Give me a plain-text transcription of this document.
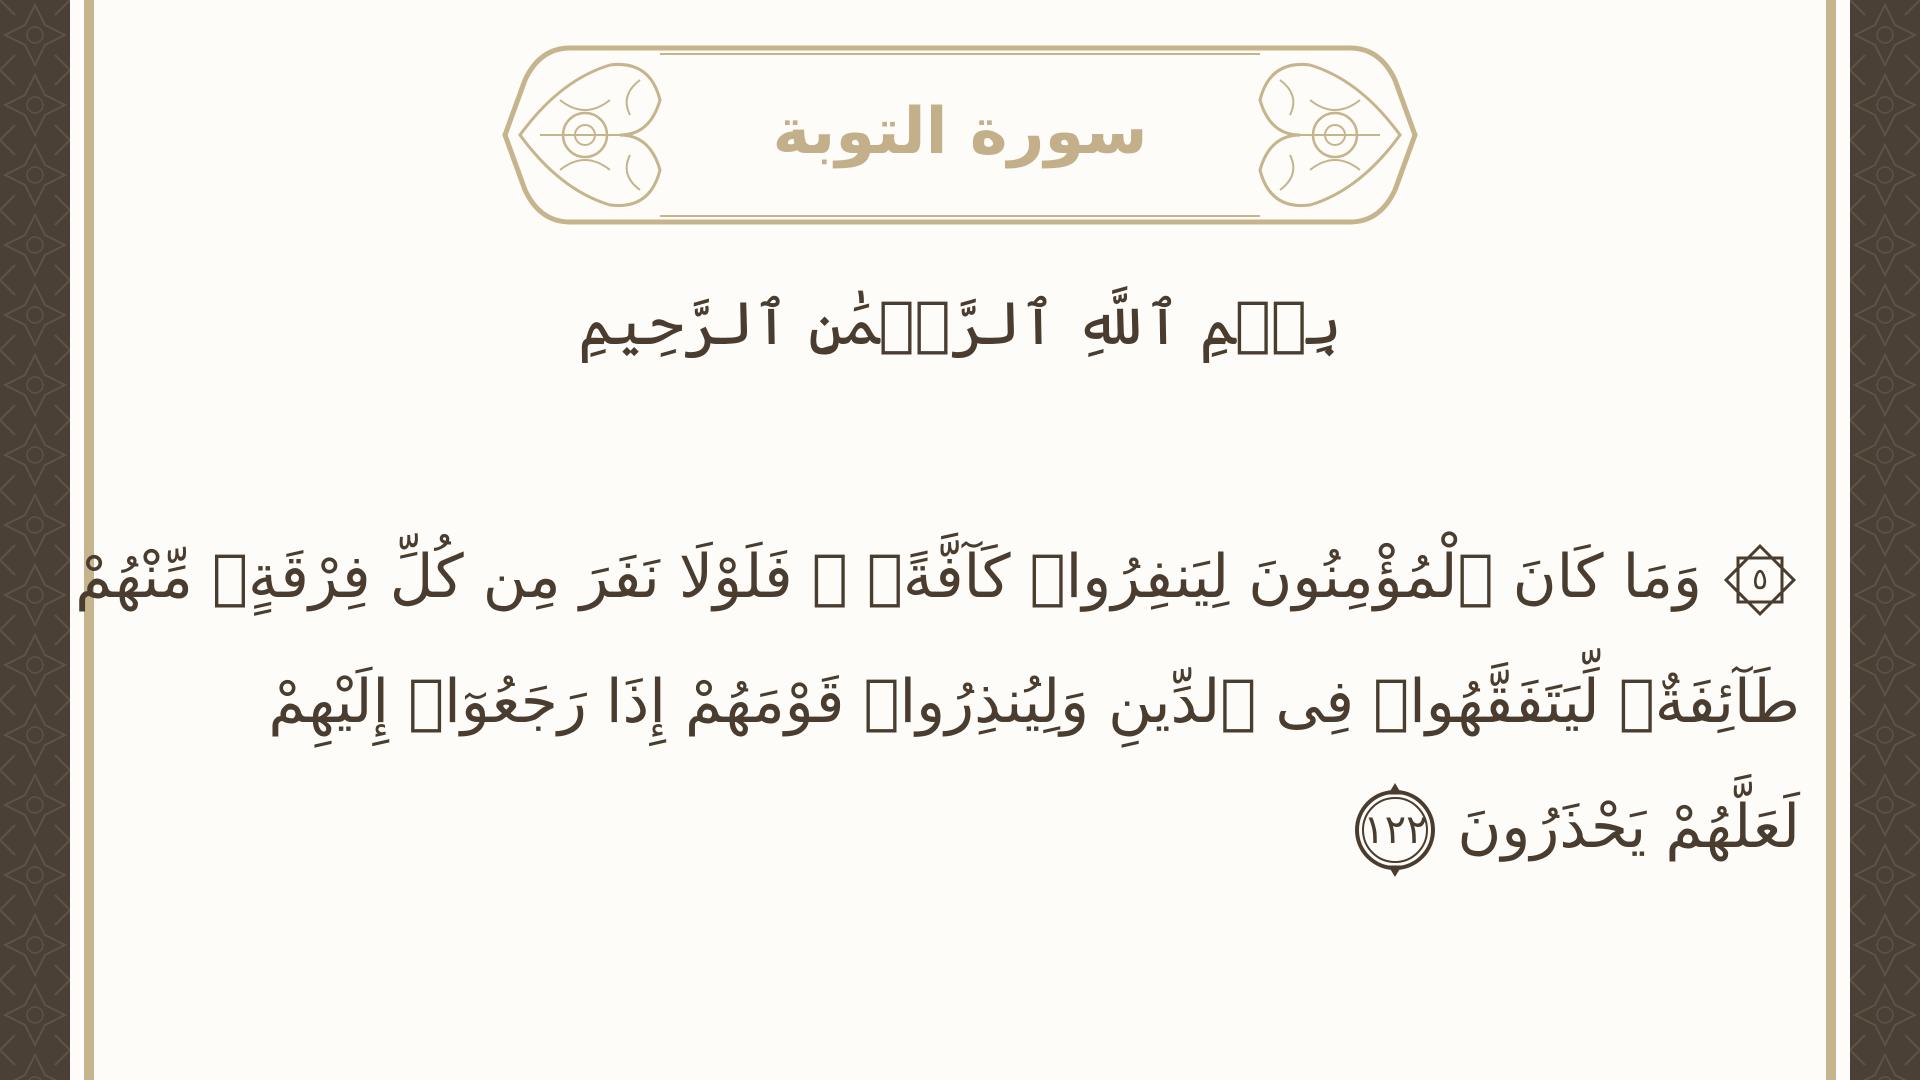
سورة التوبة
بِسۡمِ ٱللَّهِ ٱلرَّحۡمَٰنِ ٱلرَّحِيمِ
٥
وَمَا كَانَ ٱلْمُؤْمِنُونَ لِيَنفِرُوا۟ كَآفَّةًۭ ۚ فَلَوْلَا نَفَرَ مِن كُلِّ فِرْقَةٍۢ مِّنْهُمْ
طَآئِفَةٌۭ لِّيَتَفَقَّهُوا۟ فِى ٱلدِّينِ وَلِيُنذِرُوا۟ قَوْمَهُمْ إِذَا رَجَعُوٓا۟ إِلَيْهِمْ
لَعَلَّهُمْ يَحْذَرُونَ
١٢٢
